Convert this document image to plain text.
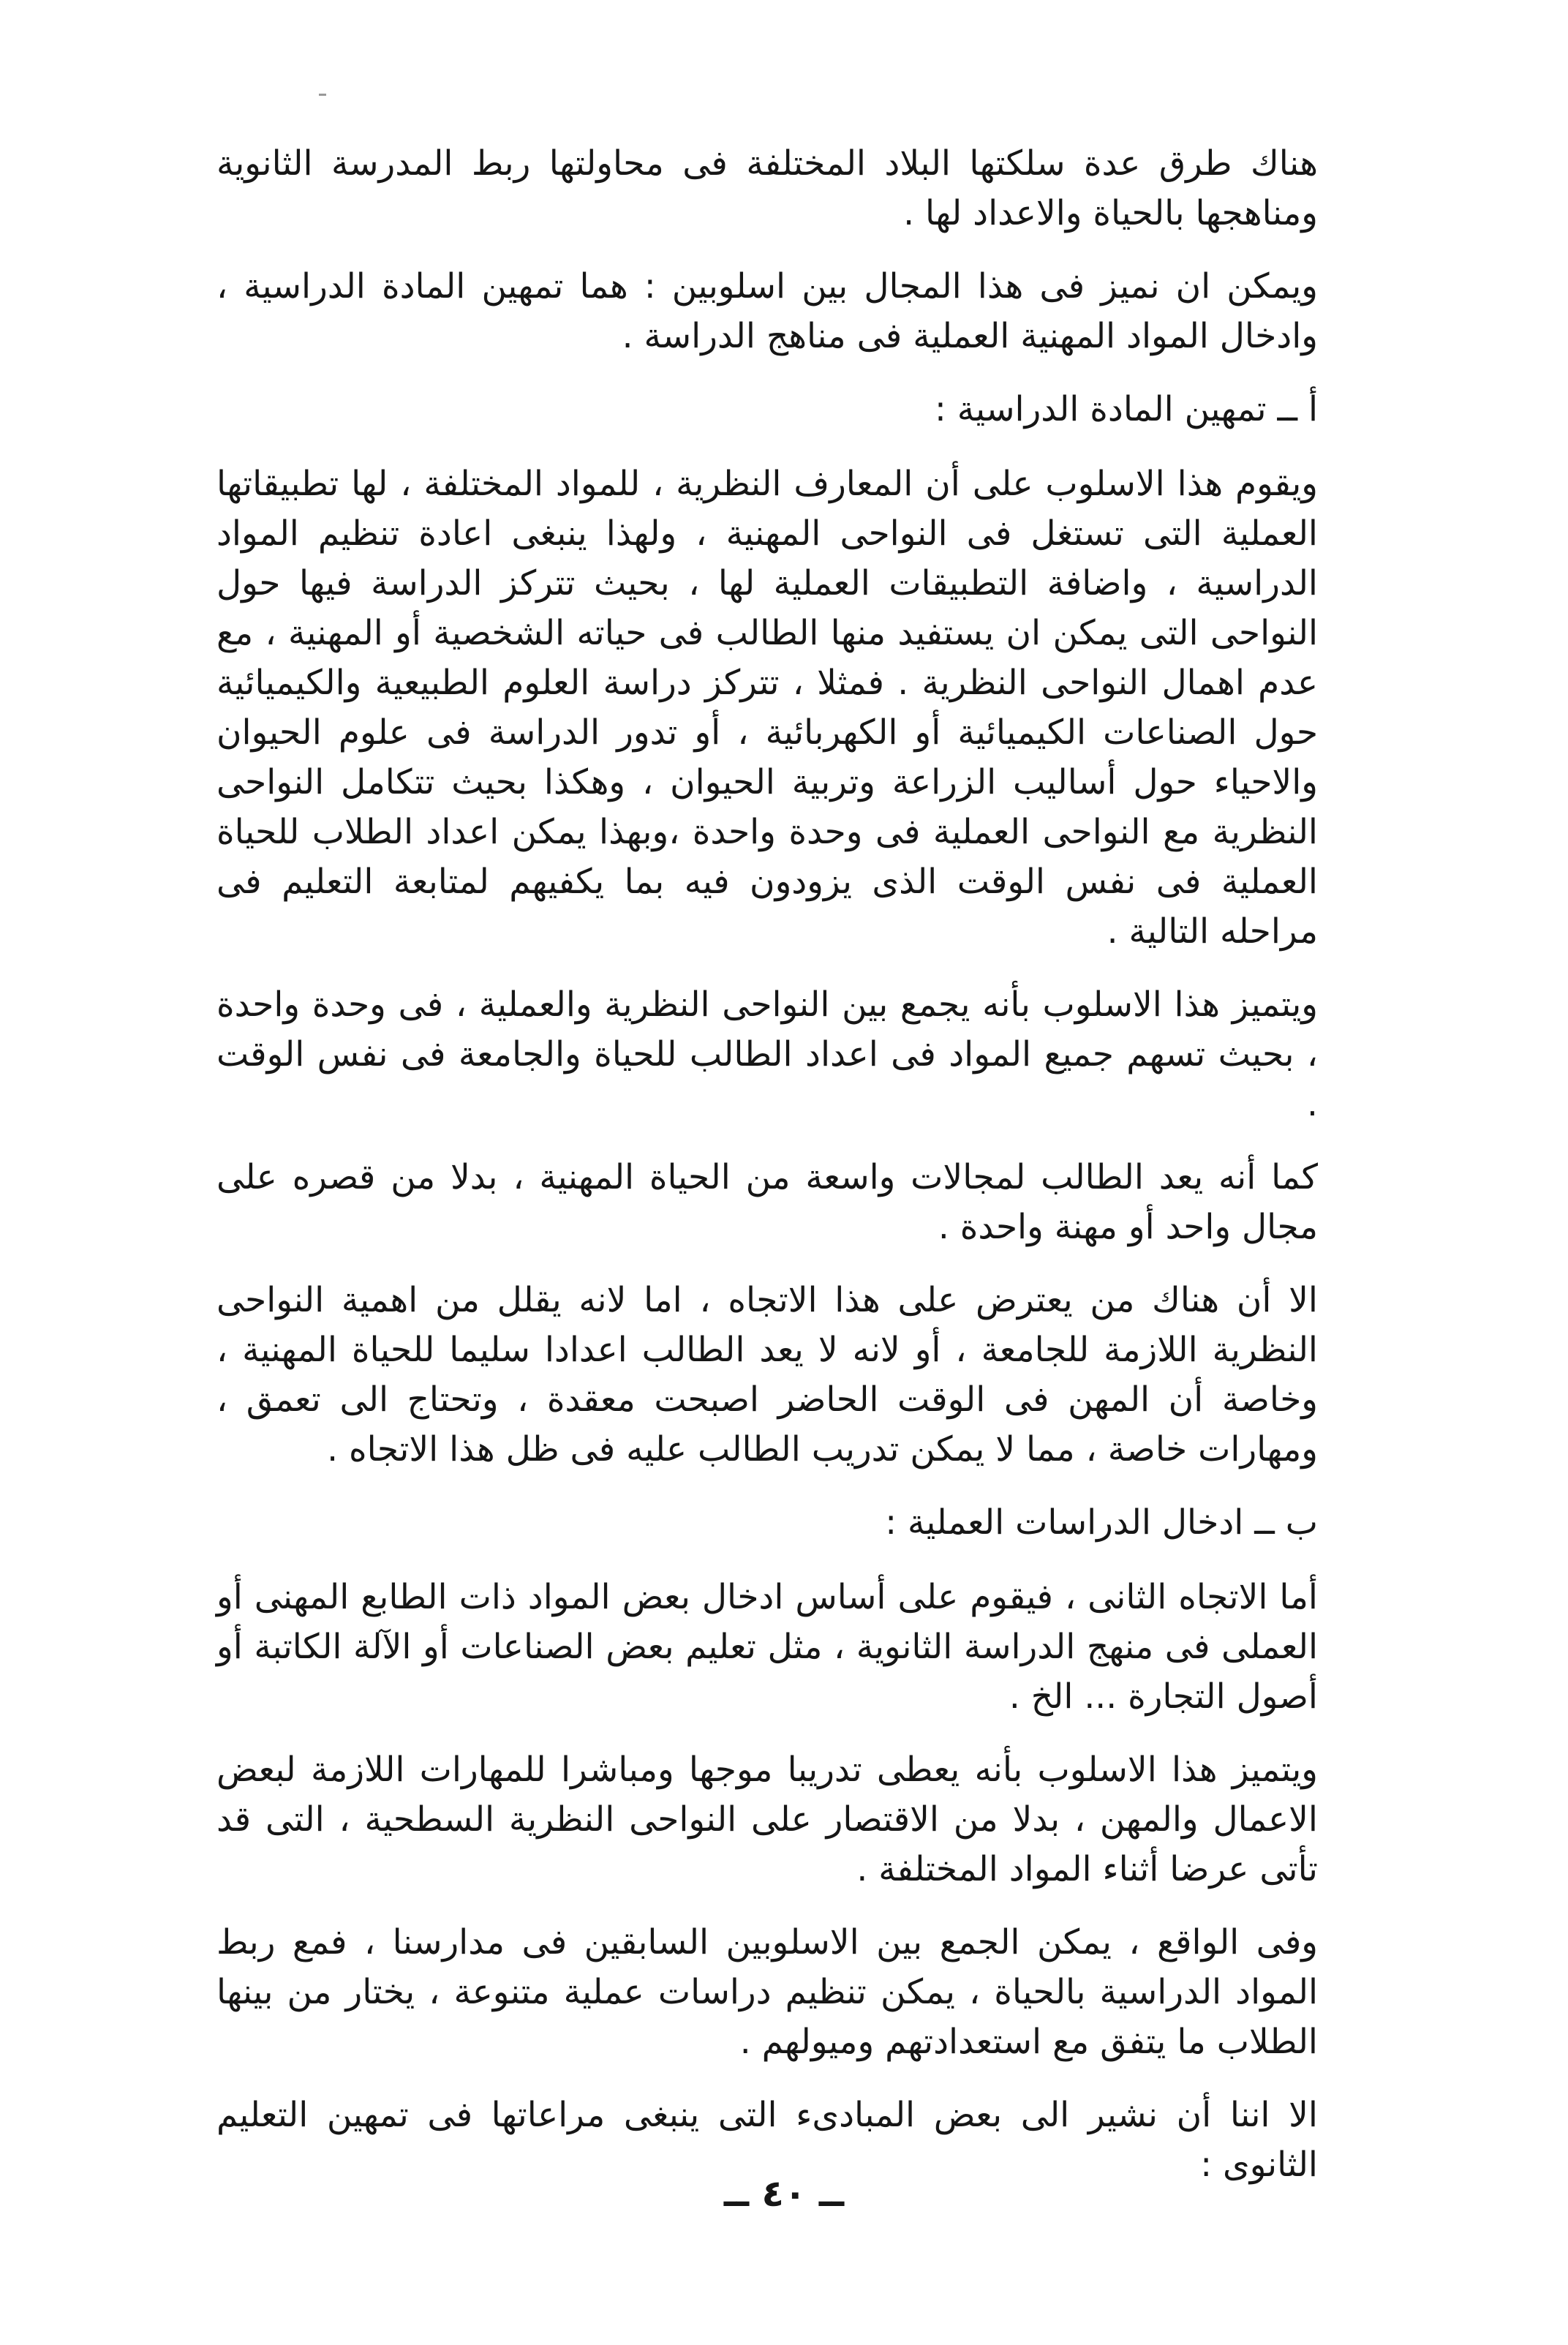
هناك طرق عدة سلكتها البلاد المختلفة فى محاولتها ربط المدرسة الثانوية ومناهجها بالحياة والاعداد لها .

ويمكن ان نميز فى هذا المجال بين اسلوبين : هما تمهين المادة الدراسية ، وادخال المواد المهنية العملية فى مناهج الدراسة .

أ ــ تمهين المادة الدراسية :

ويقوم هذا الاسلوب على أن المعارف النظرية ، للمواد المختلفة ، لها تطبيقاتها العملية التى تستغل فى النواحى المهنية ، ولهذا ينبغى اعادة تنظيم المواد الدراسية ، واضافة التطبيقات العملية لها ، بحيث تتركز الدراسة فيها حول النواحى التى يمكن ان يستفيد منها الطالب فى حياته الشخصية أو المهنية ، مع عدم اهمال النواحى النظرية . فمثلا ، تتركز دراسة العلوم الطبيعية والكيميائية حول الصناعات الكيميائية أو الكهربائية ، أو تدور الدراسة فى علوم الحيوان والاحياء حول أساليب الزراعة وتربية الحيوان ، وهكذا بحيث تتكامل النواحى النظرية مع النواحى العملية فى وحدة واحدة ،وبهذا يمكن اعداد الطلاب للحياة العملية فى نفس الوقت الذى يزودون فيه بما يكفيهم لمتابعة التعليم فى مراحله التالية .

ويتميز هذا الاسلوب بأنه يجمع بين النواحى النظرية والعملية ، فى وحدة واحدة ، بحيث تسهم جميع المواد فى اعداد الطالب للحياة والجامعة فى نفس الوقت .

كما أنه يعد الطالب لمجالات واسعة من الحياة المهنية ، بدلا من قصره على مجال واحد أو مهنة واحدة .

الا أن هناك من يعترض على هذا الاتجاه ، اما لانه يقلل من اهمية النواحى النظرية اللازمة للجامعة ، أو لانه لا يعد الطالب اعدادا سليما للحياة المهنية ، وخاصة أن المهن فى الوقت الحاضر اصبحت معقدة ، وتحتاج الى تعمق ، ومهارات خاصة ، مما لا يمكن تدريب الطالب عليه فى ظل هذا الاتجاه .

ب ــ ادخال الدراسات العملية :

أما الاتجاه الثانى ، فيقوم على أساس ادخال بعض المواد ذات الطابع المهنى أو العملى فى منهج الدراسة الثانوية ، مثل تعليم بعض الصناعات أو الآلة الكاتبة أو أصول التجارة ... الخ .

ويتميز هذا الاسلوب بأنه يعطى تدريبا موجها ومباشرا للمهارات اللازمة لبعض الاعمال والمهن ، بدلا من الاقتصار على النواحى النظرية السطحية ، التى قد تأتى عرضا أثناء المواد المختلفة .

وفى الواقع ، يمكن الجمع بين الاسلوبين السابقين فى مدارسنا ، فمع ربط المواد الدراسية بالحياة ، يمكن تنظيم دراسات عملية متنوعة ، يختار من بينها الطلاب ما يتفق مع استعدادتهم وميولهم .

الا اننا أن نشير الى بعض المبادىء التى ينبغى مراعاتها فى تمهين التعليم الثانوى :

ــ ٤٠ ــ
